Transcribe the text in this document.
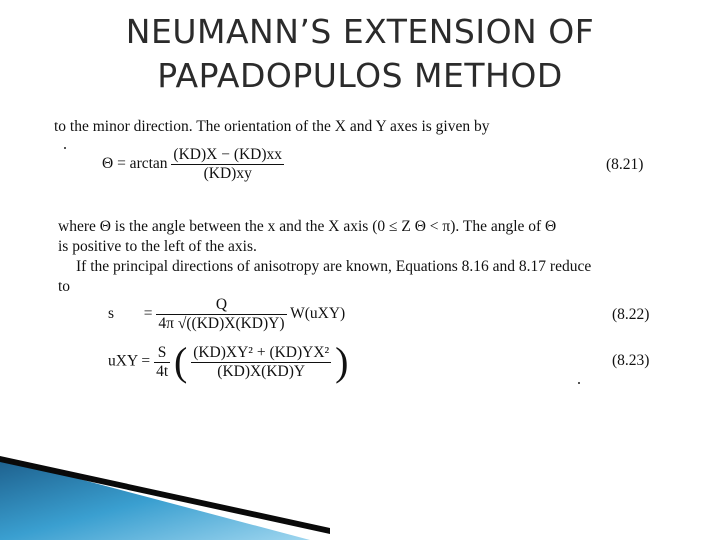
NEUMANN’S EXTENSION OF
PAPADOPULOS METHOD
to the minor direction. The orientation of the X and Y axes is given by
$\Theta = \arctan \frac{(KD)X - (KD)xx}{(KD)xy}$	(8.21)
where Θ is the angle between the x and the X axis (0 ≤ Z Θ < π). The angle of Θ
is positive to the left of the axis.
If the principal directions of anisotropy are known, Equations 8.16 and 8.17 reduce
to
$s = \frac{Q}{4\pi √((KD)X(KD)Y)} W(uXY)$	(8.22)
uXY = $\frac{S}{4t}$ ( $\frac{\text{(KD)XY² + (KD)YX²}}{(KD)X(KD)Y}$ )	(8.23)
